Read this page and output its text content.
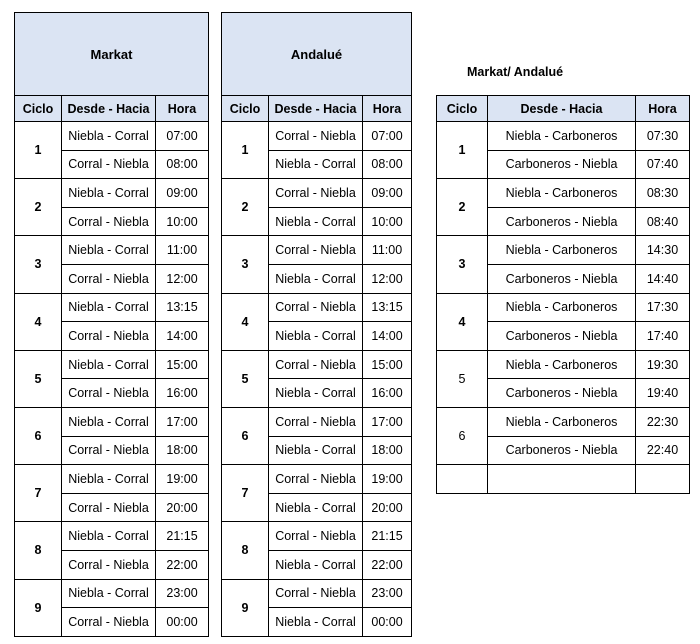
Markat		
Ciclo	Desde - Hacia	Hora
1	Niebla - Corral	07:00
	Corral - Niebla	08:00
2	Niebla - Corral	09:00
	Corral - Niebla	10:00
3	Niebla - Corral	11:00
	Corral - Niebla	12:00
4	Niebla - Corral	13:15
	Corral - Niebla	14:00
5	Niebla - Corral	15:00
	Corral - Niebla	16:00
6	Niebla - Corral	17:00
	Corral - Niebla	18:00
7	Niebla - Corral	19:00
	Corral - Niebla	20:00
8	Niebla - Corral	21:15
	Corral - Niebla	22:00
9	Niebla - Corral	23:00
	Corral - Niebla	00:00
Andalué		
Ciclo	Desde - Hacia	Hora
1	Corral - Niebla	07:00
	Niebla - Corral	08:00
2	Corral - Niebla	09:00
	Niebla - Corral	10:00
3	Corral - Niebla	11:00
	Niebla - Corral	12:00
4	Corral - Niebla	13:15
	Niebla - Corral	14:00
5	Corral - Niebla	15:00
	Niebla - Corral	16:00
6	Corral - Niebla	17:00
	Niebla - Corral	18:00
7	Corral - Niebla	19:00
	Niebla - Corral	20:00
8	Corral - Niebla	21:15
	Niebla - Corral	22:00
9	Corral - Niebla	23:00
	Niebla - Corral	00:00
Markat/ Andalué
Ciclo	Desde - Hacia	Hora
1	Niebla - Carboneros	07:30
	Carboneros - Niebla	07:40
2	Niebla - Carboneros	08:30
	Carboneros - Niebla	08:40
3	Niebla - Carboneros	14:30
	Carboneros - Niebla	14:40
4	Niebla - Carboneros	17:30
	Carboneros - Niebla	17:40
5	Niebla - Carboneros	19:30
	Carboneros - Niebla	19:40
6	Niebla - Carboneros	22:30
	Carboneros - Niebla	22:40
